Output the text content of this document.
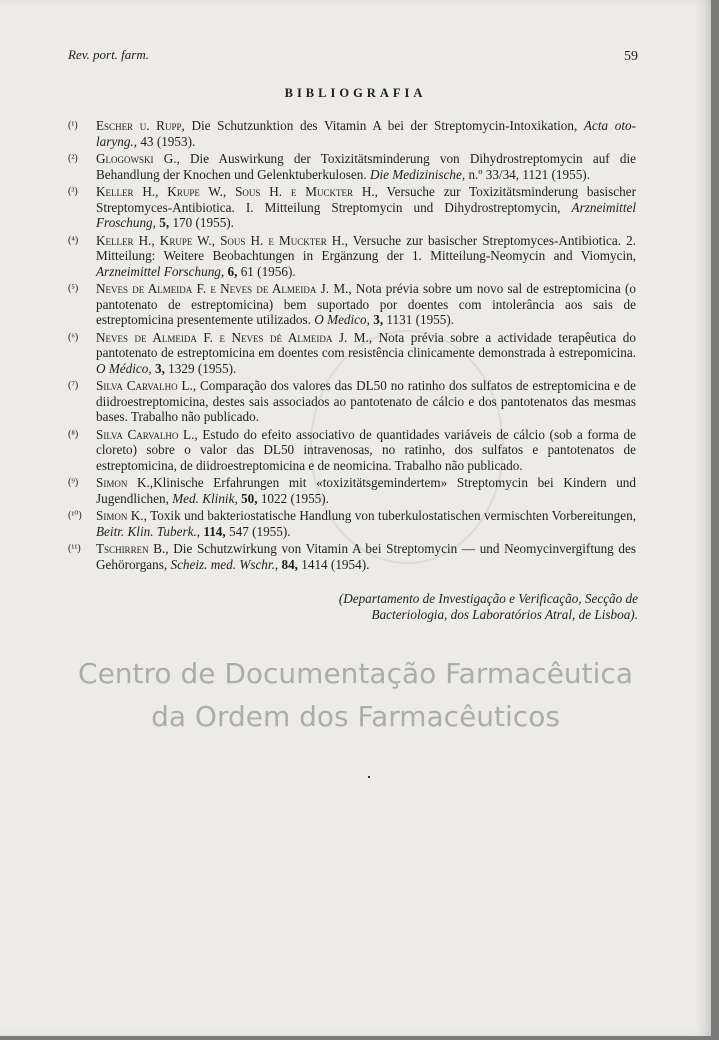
Rev. port. farm.	59
BIBLIOGRAFIA
(¹) Escher u. Rupp, Die Schutzunktion des Vitamin A bei der Streptomycin-Intoxikation, Acta oto-laryng., 43 (1953).
(²) Glogowski G., Die Auswirkung der Toxizitätsminderung von Dihydrostreptomycin auf die Behandlung der Knochen und Gelenktuberkulosen. Die Medizinische, n.º 33/34, 1121 (1955).
(³) Keller H., Krupe W., Sous H. e Muckter H., Versuche zur Toxizitätsminderung basischer Streptomyces-Antibiotica. I. Mitteilung Streptomycin und Dihydrostreptomycin, Arzneimittel Froschung, 5, 170 (1955).
(⁴) Keller H., Krupe W., Sous H. e Muckter H., Versuche zur basischer Streptomyces-Antibiotica. 2. Mitteilung: Weitere Beobachtungen in Ergänzung der 1. Mitteilung-Neomycin and Viomycin, Arzneimittel Forschung, 6, 61 (1956).
(⁵) Neves de Almeida F. e Neves de Almeida J. M., Nota prévia sobre um novo sal de estreptomicina (o pantotenato de estreptomicina) bem suportado por doentes com intolerância aos sais de estreptomicina presentemente utilizados. O Medico, 3, 1131 (1955).
(⁶) Neves de Almeida F. e Neves dé Almeida J. M., Nota prévia sobre a actividade terapêutica do pantotenato de estreptomicina em doentes com resistência clinicamente demonstrada à estrepomicina. O Médico, 3, 1329 (1955).
(⁷) Silva Carvalho L., Comparação dos valores das DL50 no ratinho dos sulfatos de estreptomicina e de diidroestreptomicina, destes sais associados ao pantotenato de cálcio e dos pantotenatos das mesmas bases. Trabalho não publicado.
(⁸) Silva Carvalho L., Estudo do efeito associativo de quantidades variáveis de cálcio (sob a forma de cloreto) sobre o valor das DL50 intravenosas, no ratinho, dos sulfatos e pantotenatos de estreptomicina, de diidroestreptomicina e de neomicina. Trabalho não publicado.
(⁹) Simon K.,Klinische Erfahrungen mit «toxizitätsgemindertem» Streptomycin bei Kindern und Jugendlichen, Med. Klinik, 50, 1022 (1955).
(¹⁰) Simon K., Toxik und bakteriostatische Handlung von tuberkulostatischen vermischten Vorbereitungen, Beitr. Klin. Tuberk., 114, 547 (1955).
(¹¹) Tschirren B., Die Schutzwirkung von Vitamin A bei Streptomycin — und Neomycinvergiftung des Gehörorgans, Scheiz. med. Wschr., 84, 1414 (1954).
(Departamento de Investigação e Verificação, Secção de
Bacteriologia, dos Laboratórios Atral, de Lisboa).
Centro de Documentação Farmacêutica
da Ordem dos Farmacêuticos
